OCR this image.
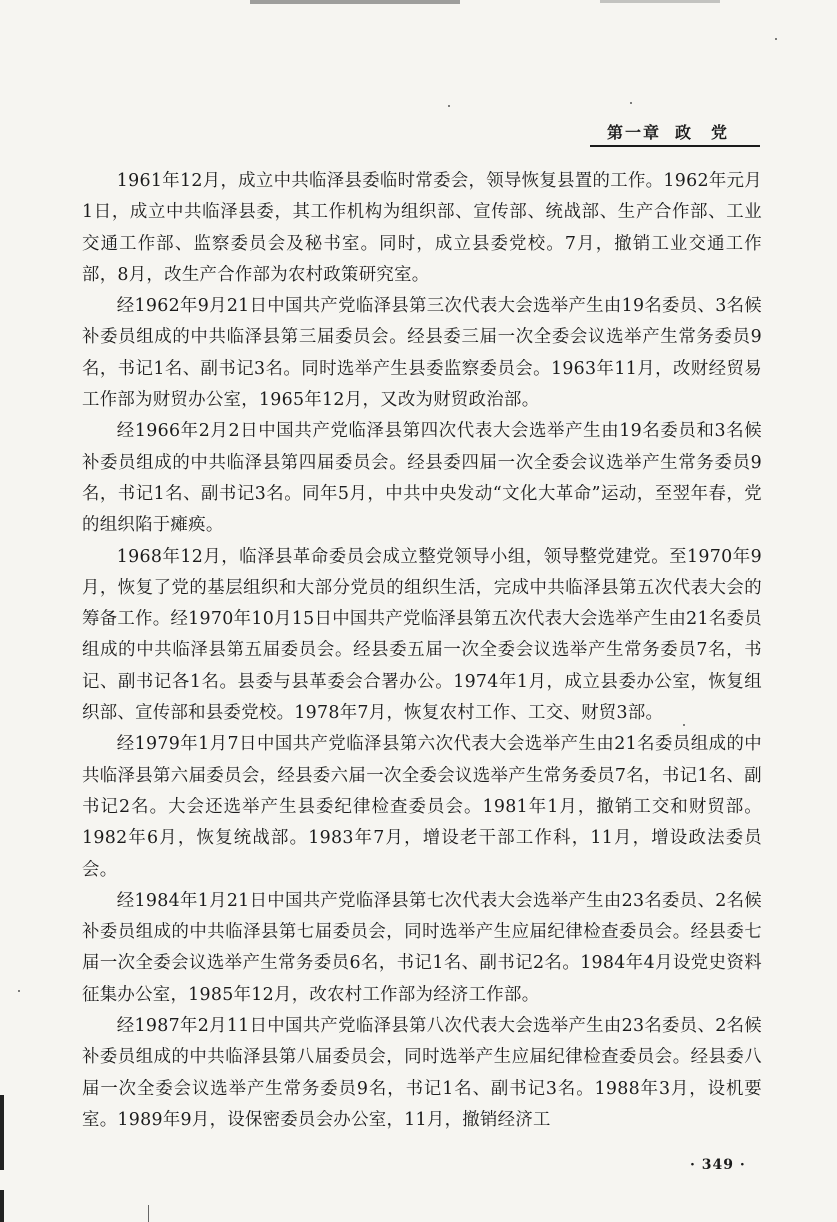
第一章 政党

1961年12月，成立中共临泽县委临时常委会，领导恢复县置的工作。1962年元月1日，成立中共临泽县委，其工作机构为组织部、宣传部、统战部、生产合作部、工业交通工作部、监察委员会及秘书室。同时，成立县委党校。7月，撤销工业交通工作部，8月，改生产合作部为农村政策研究室。

经1962年9月21日中国共产党临泽县第三次代表大会选举产生由19名委员、3名候补委员组成的中共临泽县第三届委员会。经县委三届一次全委会议选举产生常务委员9名，书记1名、副书记3名。同时选举产生县委监察委员会。1963年11月，改财经贸易工作部为财贸办公室，1965年12月，又改为财贸政治部。

经1966年2月2日中国共产党临泽县第四次代表大会选举产生由19名委员和3名候补委员组成的中共临泽县第四届委员会。经县委四届一次全委会议选举产生常务委员9名，书记1名、副书记3名。同年5月，中共中央发动“文化大革命”运动，至翌年春，党的组织陷于瘫痪。

1968年12月，临泽县革命委员会成立整党领导小组，领导整党建党。至1970年9月，恢复了党的基层组织和大部分党员的组织生活，完成中共临泽县第五次代表大会的筹备工作。经1970年10月15日中国共产党临泽县第五次代表大会选举产生由21名委员组成的中共临泽县第五届委员会。经县委五届一次全委会议选举产生常务委员7名，书记、副书记各1名。县委与县革委会合署办公。1974年1月，成立县委办公室，恢复组织部、宣传部和县委党校。1978年7月，恢复农村工作、工交、财贸3部。

经1979年1月7日中国共产党临泽县第六次代表大会选举产生由21名委员组成的中共临泽县第六届委员会，经县委六届一次全委会议选举产生常务委员7名，书记1名、副书记2名。大会还选举产生县委纪律检查委员会。1981年1月，撤销工交和财贸部。1982年6月，恢复统战部。1983年7月，增设老干部工作科，11月，增设政法委员会。

经1984年1月21日中国共产党临泽县第七次代表大会选举产生由23名委员、2名候补委员组成的中共临泽县第七届委员会，同时选举产生应届纪律检查委员会。经县委七届一次全委会议选举产生常务委员6名，书记1名、副书记2名。1984年4月设党史资料征集办公室，1985年12月，改农村工作部为经济工作部。

经1987年2月11日中国共产党临泽县第八次代表大会选举产生由23名委员、2名候补委员组成的中共临泽县第八届委员会，同时选举产生应届纪律检查委员会。经县委八届一次全委会议选举产生常务委员9名，书记1名、副书记3名。1988年3月，设机要室。1989年9月，设保密委员会办公室，11月，撤销经济工

· 349 ·
